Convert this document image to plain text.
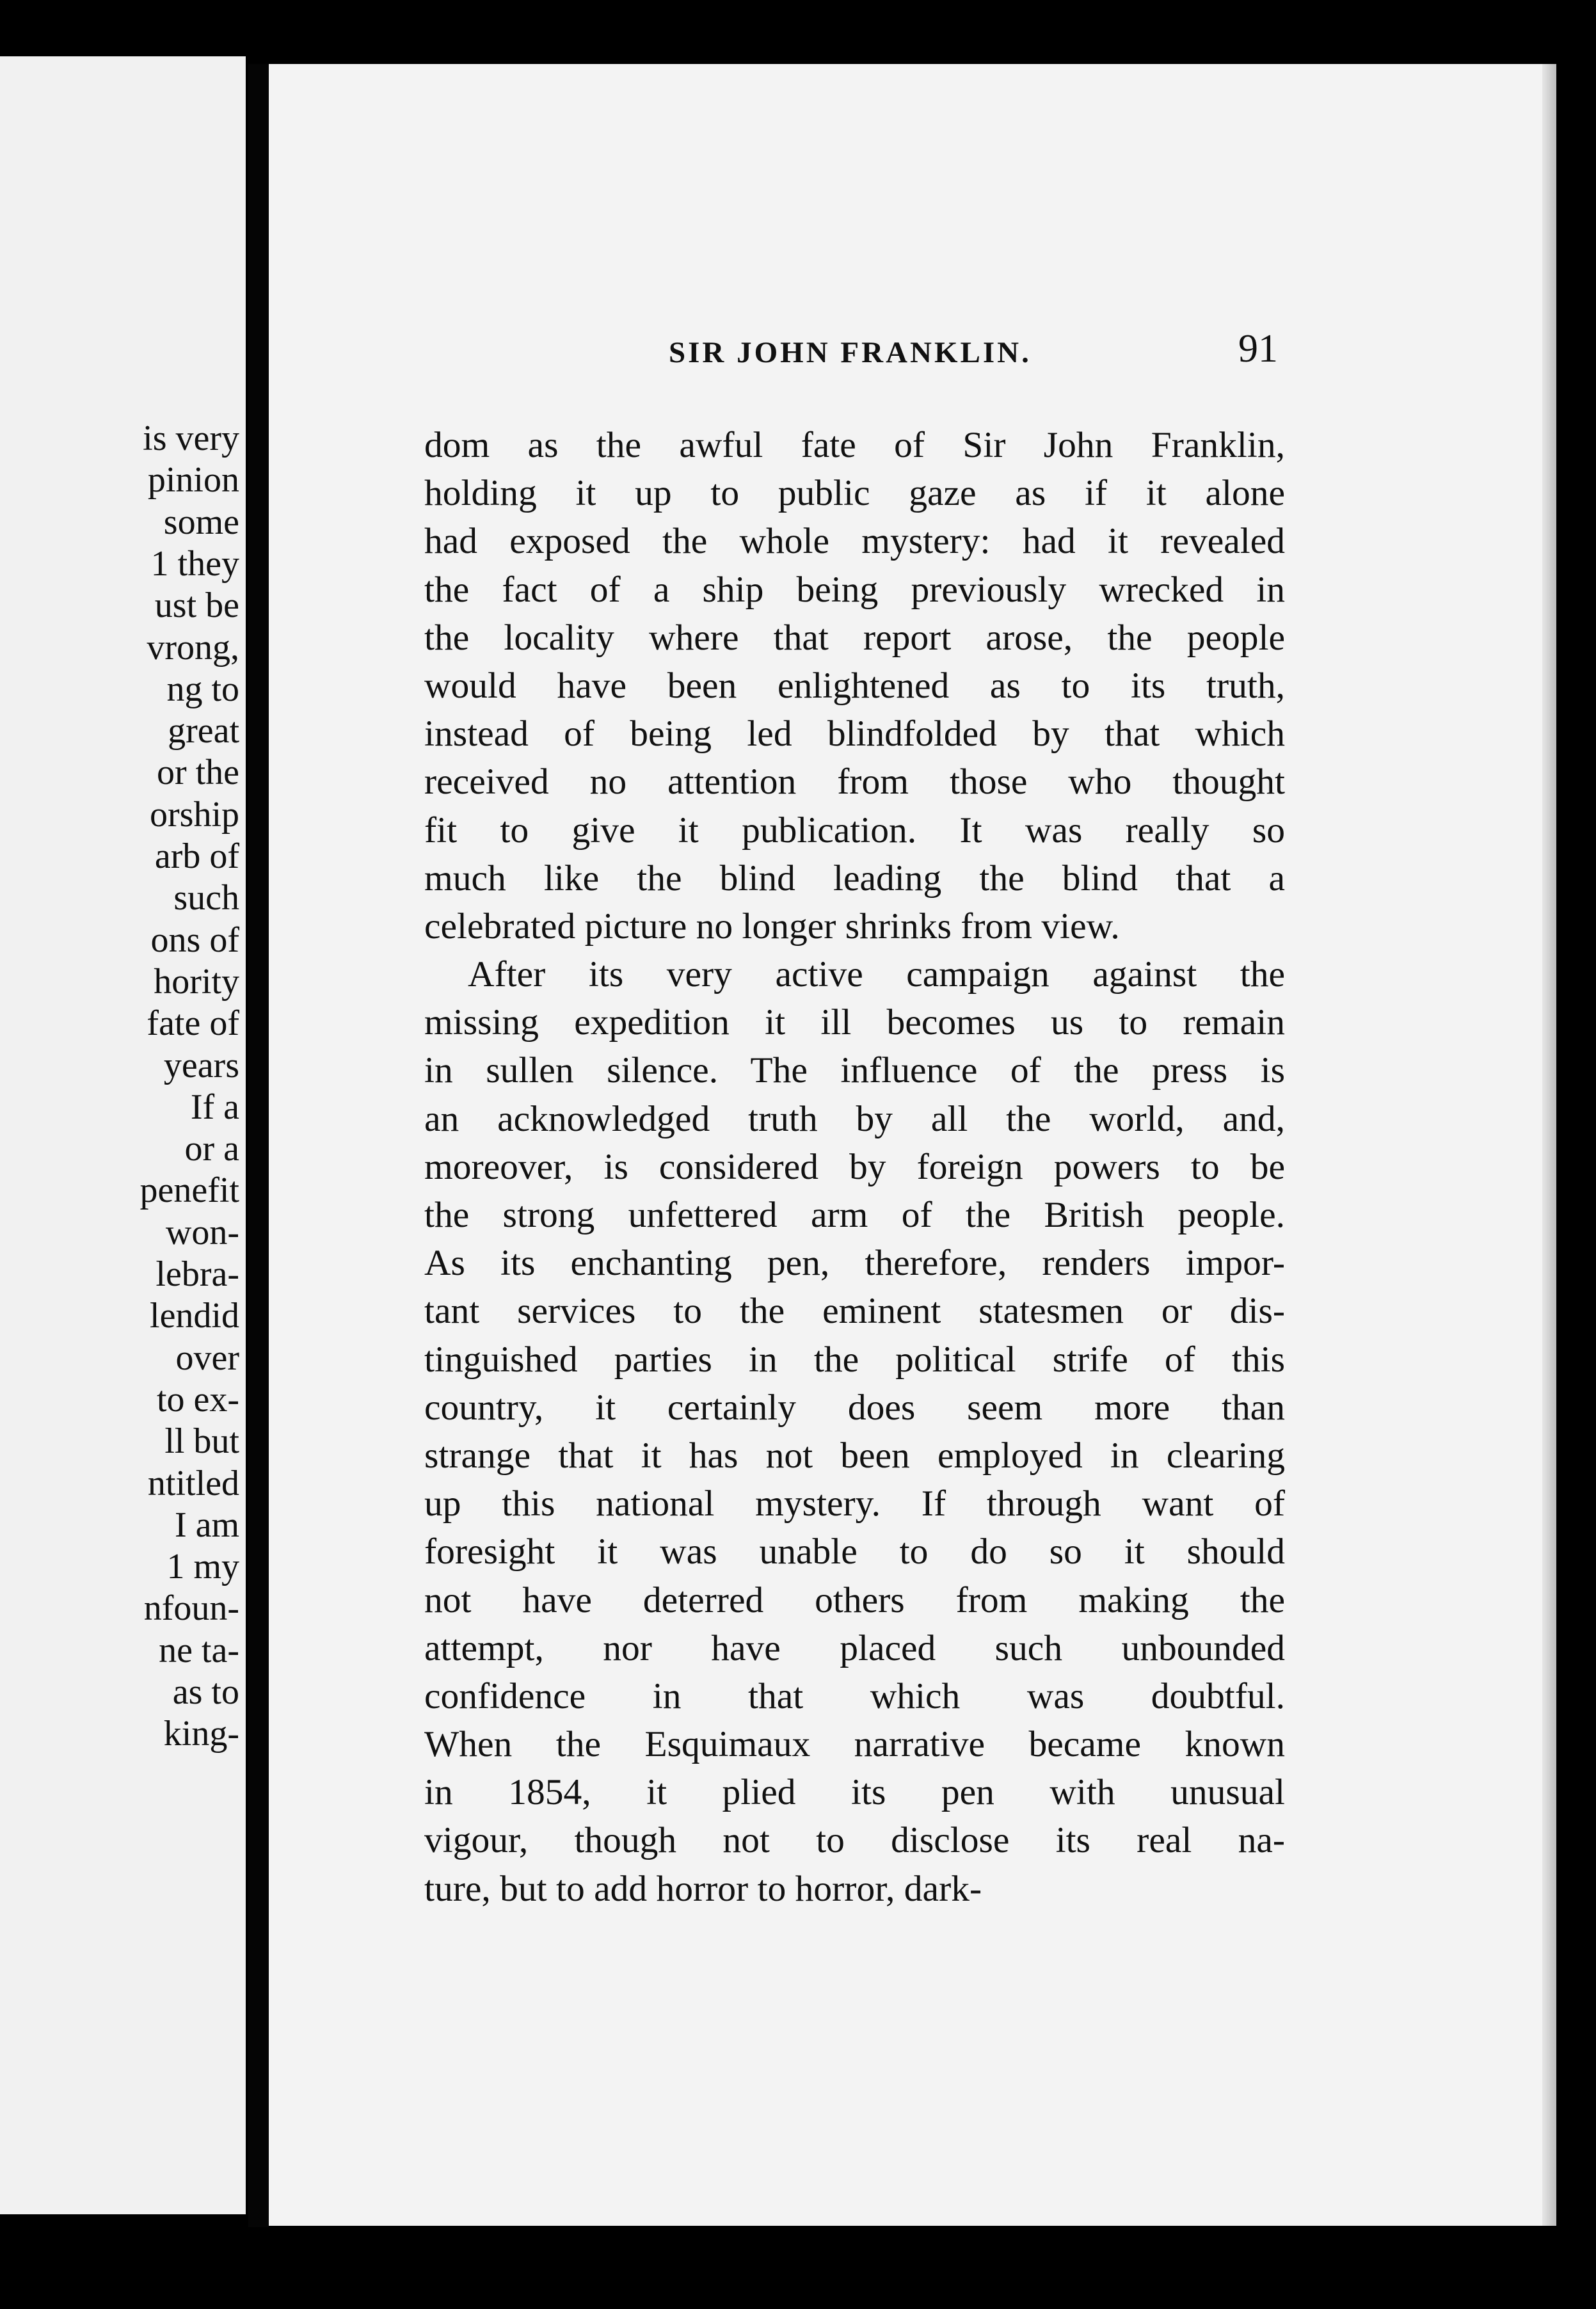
is very
pinion
some
1 they
ust be
vrong,
ng to
great
or the
orship
arb of
such
ons of
hority
fate of
years
If a
or a
penefit
won-
lebra-
lendid
over
to ex-
ll but
ntitled
I am
1 my
nfoun-
ne ta-
as to
king-
SIR JOHN FRANKLIN.	91
dom as the awful fate of Sir John Franklin,
holding it up to public gaze as if it alone
had exposed the whole mystery: had it revealed
the fact of a ship being previously wrecked in
the locality where that report arose, the people
would have been enlightened as to its truth,
instead of being led blindfolded by that which
received no attention from those who thought
fit to give it publication. It was really so
much like the blind leading the blind that a
celebrated picture no longer shrinks from view.
After its very active campaign against the
missing expedition it ill becomes us to remain
in sullen silence. The influence of the press is
an acknowledged truth by all the world, and,
moreover, is considered by foreign powers to be
the strong unfettered arm of the British people.
As its enchanting pen, therefore, renders impor-
tant services to the eminent statesmen or dis-
tinguished parties in the political strife of this
country, it certainly does seem more than
strange that it has not been employed in clearing
up this national mystery. If through want of
foresight it was unable to do so it should
not have deterred others from making the
attempt, nor have placed such unbounded
confidence in that which was doubtful.
When the Esquimaux narrative became known
in 1854, it plied its pen with unusual
vigour, though not to disclose its real na-
ture, but to add horror to horror, dark-
